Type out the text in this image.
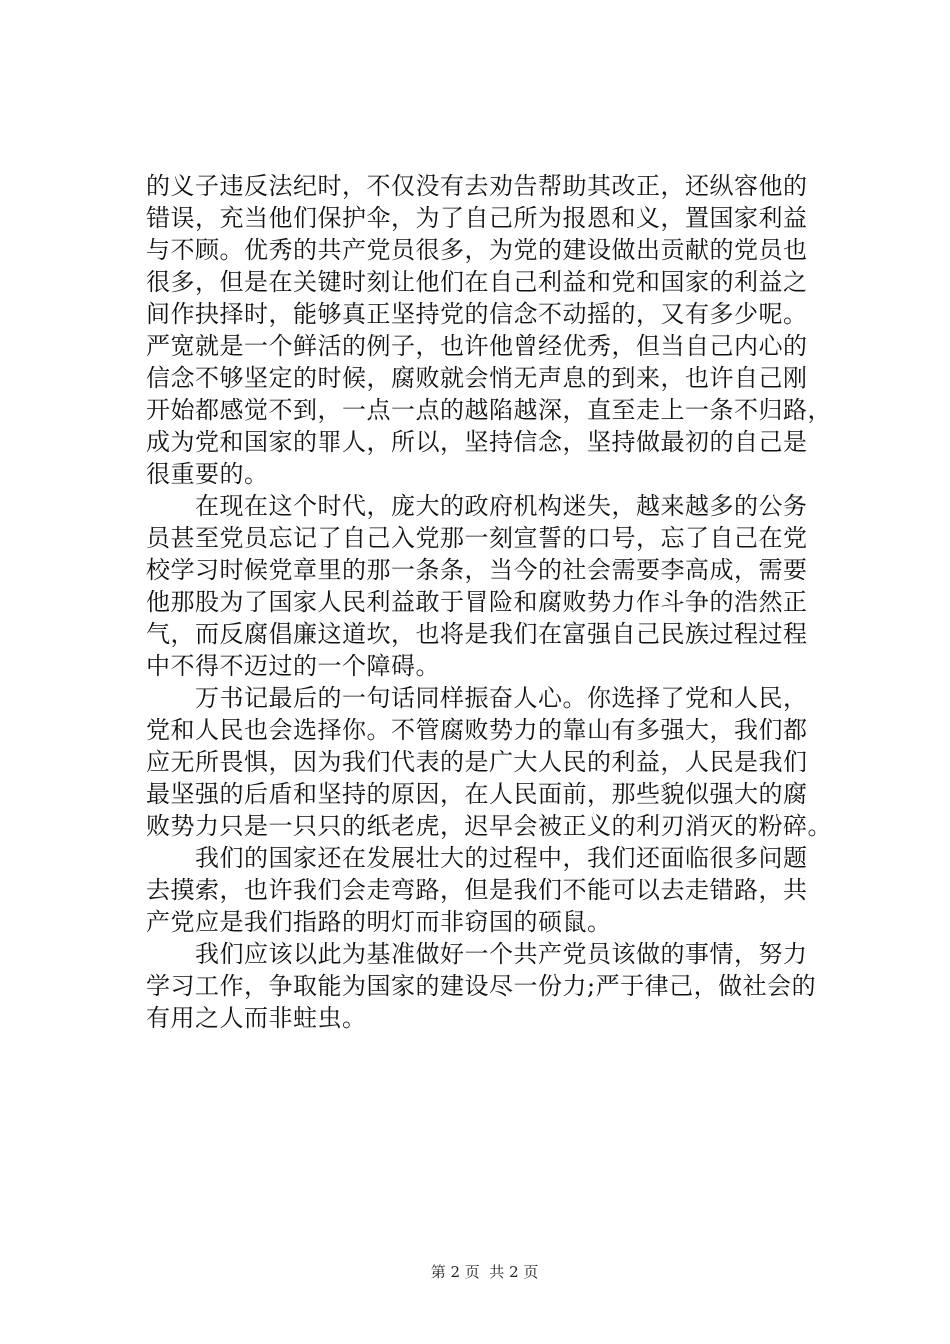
的义子违反法纪时，不仅没有去劝告帮助其改正，还纵容他的
错误，充当他们保护伞，为了自己所为报恩和义，置国家利益
与不顾。优秀的共产党员很多，为党的建设做出贡献的党员也
很多，但是在关键时刻让他们在自己利益和党和国家的利益之
间作抉择时，能够真正坚持党的信念不动摇的，又有多少呢。
严宽就是一个鲜活的例子，也许他曾经优秀，但当自己内心的
信念不够坚定的时候，腐败就会悄无声息的到来，也许自己刚
开始都感觉不到，一点一点的越陷越深，直至走上一条不归路，
成为党和国家的罪人，所以，坚持信念，坚持做最初的自己是
很重要的。
　　在现在这个时代，庞大的政府机构迷失，越来越多的公务
员甚至党员忘记了自己入党那一刻宣誓的口号，忘了自己在党
校学习时候党章里的那一条条，当今的社会需要李高成，需要
他那股为了国家人民利益敢于冒险和腐败势力作斗争的浩然正
气，而反腐倡廉这道坎，也将是我们在富强自己民族过程过程
中不得不迈过的一个障碍。
　　万书记最后的一句话同样振奋人心。你选择了党和人民，
党和人民也会选择你。不管腐败势力的靠山有多强大，我们都
应无所畏惧，因为我们代表的是广大人民的利益，人民是我们
最坚强的后盾和坚持的原因，在人民面前，那些貌似强大的腐
败势力只是一只只的纸老虎，迟早会被正义的利刃消灭的粉碎。
　　我们的国家还在发展壮大的过程中，我们还面临很多问题
去摸索，也许我们会走弯路，但是我们不能可以去走错路，共
产党应是我们指路的明灯而非窃国的硕鼠。
　　我们应该以此为基准做好一个共产党员该做的事情，努力
学习工作，争取能为国家的建设尽一份力;严于律己，做社会的
有用之人而非蛀虫。

第 2 页  共 2 页
